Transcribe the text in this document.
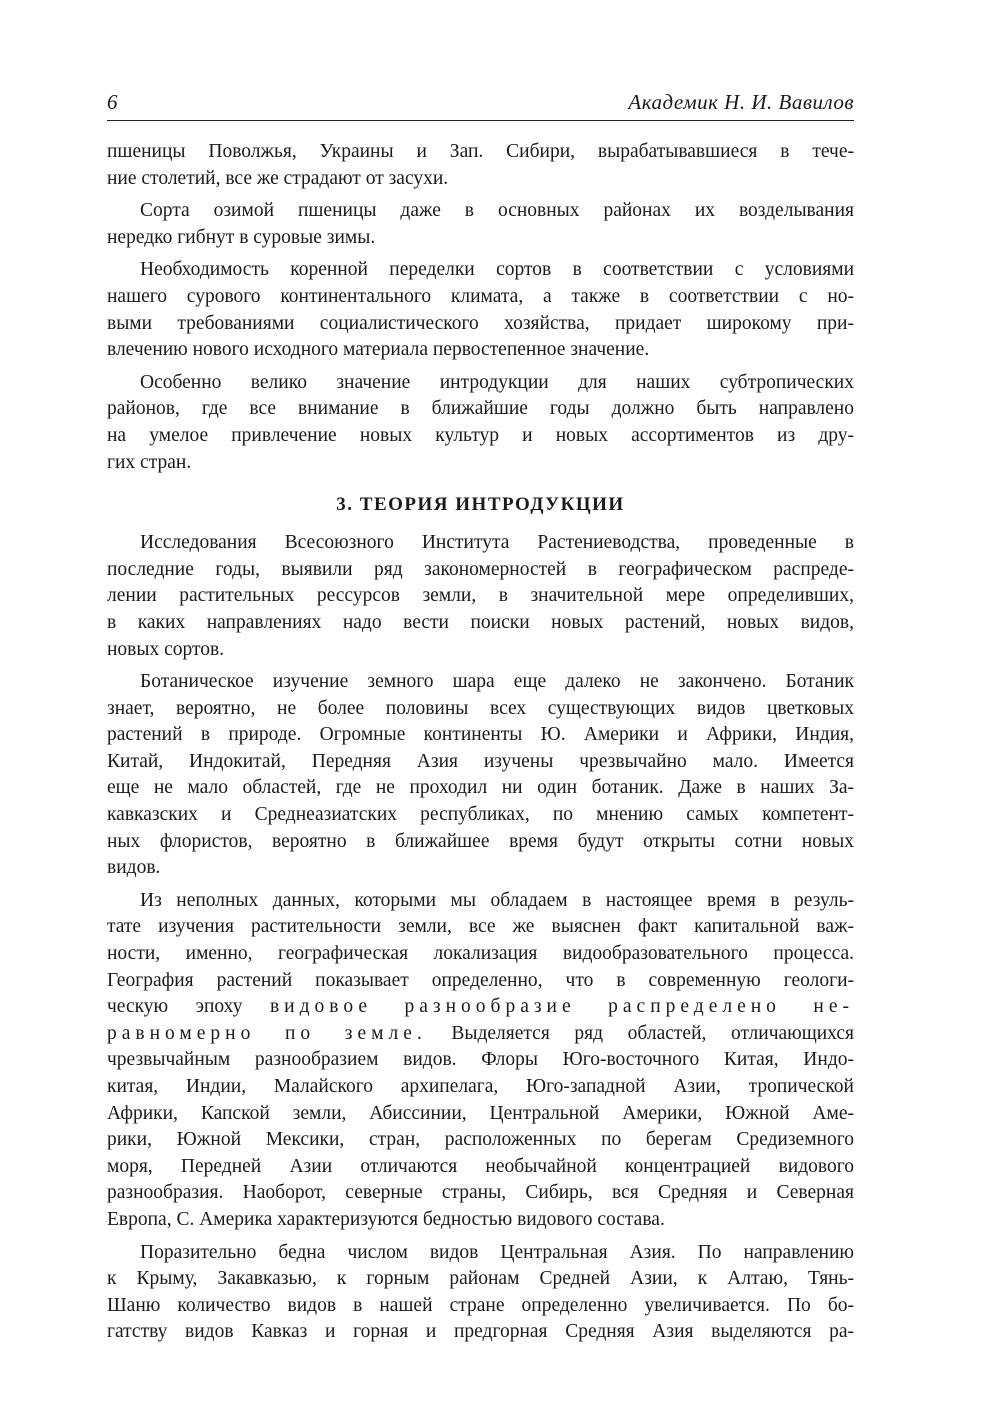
6	Академик Н. И. Вавилов

пшеницы Поволжья, Украины и Зап. Сибири, вырабатывавшиеся в тече-
ние столетий, все же страдают от засухи.

Сорта озимой пшеницы даже в основных районах их возделывания
нередко гибнут в суровые зимы.

Необходимость коренной переделки сортов в соответствии с условиями
нашего сурового континентального климата, а также в соответствии с но-
выми требованиями социалистического хозяйства, придает широкому при-
влечению нового исходного материала первостепенное значение.

Особенно велико значение интродукции для наших субтропических
районов, где все внимание в ближайшие годы должно быть направлено
на умелое привлечение новых культур и новых ассортиментов из дру-
гих стран.

3. ТЕОРИЯ ИНТРОДУКЦИИ

Исследования Всесоюзного Института Растениеводства, проведенные в
последние годы, выявили ряд закономерностей в географическом распреде-
лении растительных рессурсов земли, в значительной мере определивших,
в каких направлениях надо вести поиски новых растений, новых видов,
новых сортов.

Ботаническое изучение земного шара еще далеко не закончено. Ботаник
знает, вероятно, не более половины всех существующих видов цветковых
растений в природе. Огромные континенты Ю. Америки и Африки, Индия,
Китай, Индокитай, Передняя Азия изучены чрезвычайно мало. Имеется
еще не мало областей, где не проходил ни один ботаник. Даже в наших За-
кавказских и Среднеазиатских республиках, по мнению самых компетент-
ных флористов, вероятно в ближайшее время будут открыты сотни новых
видов.

Из неполных данных, которыми мы обладаем в настоящее время в резуль-
тате изучения растительности земли, все же выяснен факт капитальной важ-
ности, именно, географическая локализация видообразовательного процесса.
География растений показывает определенно, что в современную геологи-
ческую эпоху видовое разнообразие распределено не-
равномерно по земле. Выделяется ряд областей, отличающихся
чрезвычайным разнообразием видов. Флоры Юго-восточного Китая, Индо-
китая, Индии, Малайского архипелага, Юго-западной Азии, тропической
Африки, Капской земли, Абиссинии, Центральной Америки, Южной Аме-
рики, Южной Мексики, стран, расположенных по берегам Средиземного
моря, Передней Азии отличаются необычайной концентрацией видового
разнообразия. Наоборот, северные страны, Сибирь, вся Средняя и Северная
Европа, С. Америка характеризуются бедностью видового состава.

Поразительно бедна числом видов Центральная Азия. По направлению
к Крыму, Закавказью, к горным районам Средней Азии, к Алтаю, Тянь-
Шаню количество видов в нашей стране определенно увеличивается. По бо-
гатству видов Кавказ и горная и предгорная Средняя Азия выделяются ра-
